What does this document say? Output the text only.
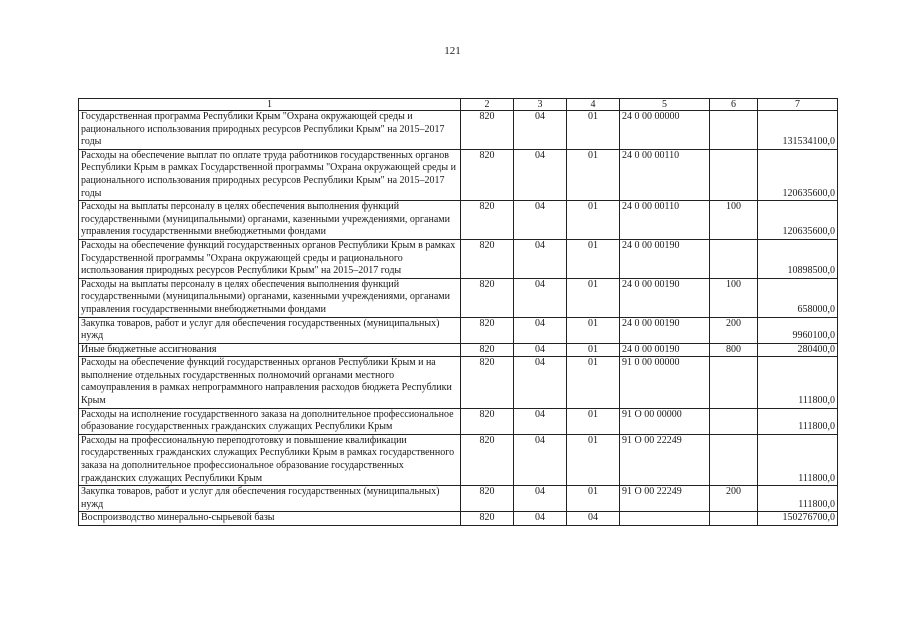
121
1	2	3	4	5	6	7
Государственная программа Республики Крым "Охрана окружающей среды и рационального использования природных ресурсов Республики Крым" на 2015–2017 годы	820	04	01	24 0 00 00000		131534100,0
Расходы на обеспечение выплат по оплате труда работников государственных органов Республики Крым в рамках Государственной программы "Охрана окружающей среды и рационального использования природных ресурсов Республики Крым" на 2015–2017 годы	820	04	01	24 0 00 00110		120635600,0
Расходы на выплаты персоналу в целях обеспечения выполнения функций государственными (муниципальными) органами, казенными учреждениями, органами управления государственными внебюджетными фондами	820	04	01	24 0 00 00110	100	120635600,0
Расходы на обеспечение функций государственных органов Республики Крым в рамках Государственной программы "Охрана окружающей среды и рационального использования природных ресурсов Республики Крым" на 2015–2017 годы	820	04	01	24 0 00 00190		10898500,0
Расходы на выплаты персоналу в целях обеспечения выполнения функций государственными (муниципальными) органами, казенными учреждениями, органами управления государственными внебюджетными фондами	820	04	01	24 0 00 00190	100	658000,0
Закупка товаров, работ и услуг для обеспечения государственных (муниципальных) нужд	820	04	01	24 0 00 00190	200	9960100,0
Иные бюджетные ассигнования	820	04	01	24 0 00 00190	800	280400,0
Расходы на обеспечение функций государственных органов Республики Крым и на выполнение отдельных государственных полномочий органами местного самоуправления в рамках непрограммного направления расходов бюджета Республики Крым	820	04	01	91 0 00 00000		111800,0
Расходы на исполнение государственного заказа на дополнительное профессиональное образование государственных гражданских служащих Республики Крым	820	04	01	91 О 00 00000		111800,0
Расходы на профессиональную переподготовку и повышение квалификации государственных гражданских служащих Республики Крым в рамках государственного заказа на дополнительное профессиональное образование государственных гражданских служащих Республики Крым	820	04	01	91 О 00 22249		111800,0
Закупка товаров, работ и услуг для обеспечения государственных (муниципальных) нужд	820	04	01	91 О 00 22249	200	111800,0
Воспроизводство минерально-сырьевой базы	820	04	04			150276700,0
